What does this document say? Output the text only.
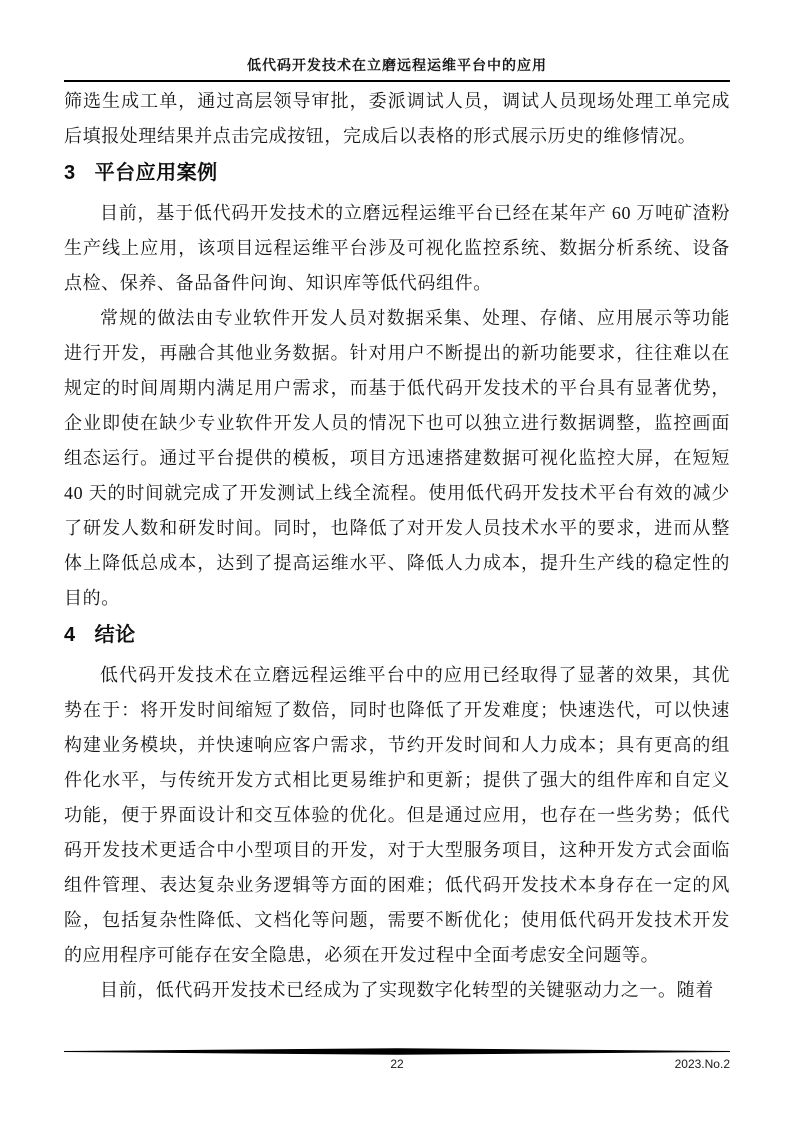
低代码开发技术在立磨远程运维平台中的应用

筛选生成工单，通过高层领导审批，委派调试人员，调试人员现场处理工单完成后填报处理结果并点击完成按钮，完成后以表格的形式展示历史的维修情况。

3 平台应用案例

目前，基于低代码开发技术的立磨远程运维平台已经在某年产 60 万吨矿渣粉生产线上应用，该项目远程运维平台涉及可视化监控系统、数据分析系统、设备点检、保养、备品备件问询、知识库等低代码组件。

常规的做法由专业软件开发人员对数据采集、处理、存储、应用展示等功能进行开发，再融合其他业务数据。针对用户不断提出的新功能要求，往往难以在规定的时间周期内满足用户需求，而基于低代码开发技术的平台具有显著优势，企业即使在缺少专业软件开发人员的情况下也可以独立进行数据调整，监控画面组态运行。通过平台提供的模板，项目方迅速搭建数据可视化监控大屏，在短短 40 天的时间就完成了开发测试上线全流程。使用低代码开发技术平台有效的减少了研发人数和研发时间。同时，也降低了对开发人员技术水平的要求，进而从整体上降低总成本，达到了提高运维水平、降低人力成本，提升生产线的稳定性的目的。

4 结论

低代码开发技术在立磨远程运维平台中的应用已经取得了显著的效果，其优势在于：将开发时间缩短了数倍，同时也降低了开发难度；快速迭代，可以快速构建业务模块，并快速响应客户需求，节约开发时间和人力成本；具有更高的组件化水平，与传统开发方式相比更易维护和更新；提供了强大的组件库和自定义功能，便于界面设计和交互体验的优化。但是通过应用，也存在一些劣势；低代码开发技术更适合中小型项目的开发，对于大型服务项目，这种开发方式会面临组件管理、表达复杂业务逻辑等方面的困难；低代码开发技术本身存在一定的风险，包括复杂性降低、文档化等问题，需要不断优化；使用低代码开发技术开发的应用程序可能存在安全隐患，必须在开发过程中全面考虑安全问题等。

目前，低代码开发技术已经成为了实现数字化转型的关键驱动力之一。随着

22	2023.No.2
